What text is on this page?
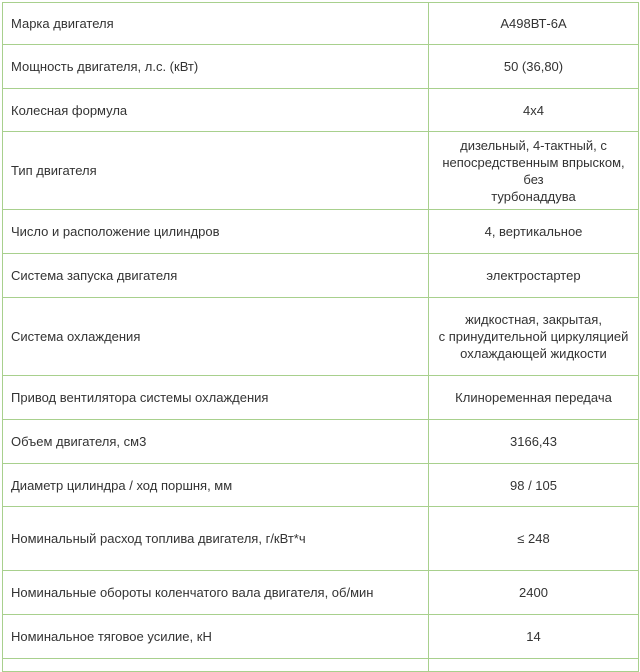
Марка двигателя	А498ВТ-6А

Мощность двигателя, л.с. (кВт)	50 (36,80)

Колесная формула	4х4

Тип двигателя	дизельный, 4-тактный, с
непосредственным впрыском, без
турбонаддува

Число и расположение цилиндров	4, вертикальное

Система запуска двигателя	электростартер

Система охлаждения	жидкостная, закрытая,
с принудительной циркуляцией
охлаждающей жидкости

Привод вентилятора системы охлаждения	Клиноременная передача

Объем двигателя, см3	3166,43

Диаметр цилиндра / ход поршня, мм	98 / 105

Номинальный расход топлива двигателя, г/кВт*ч	≤ 248

Номинальные обороты коленчатого вала двигателя, об/мин	2400

Номинальное тяговое усилие, кН	14
